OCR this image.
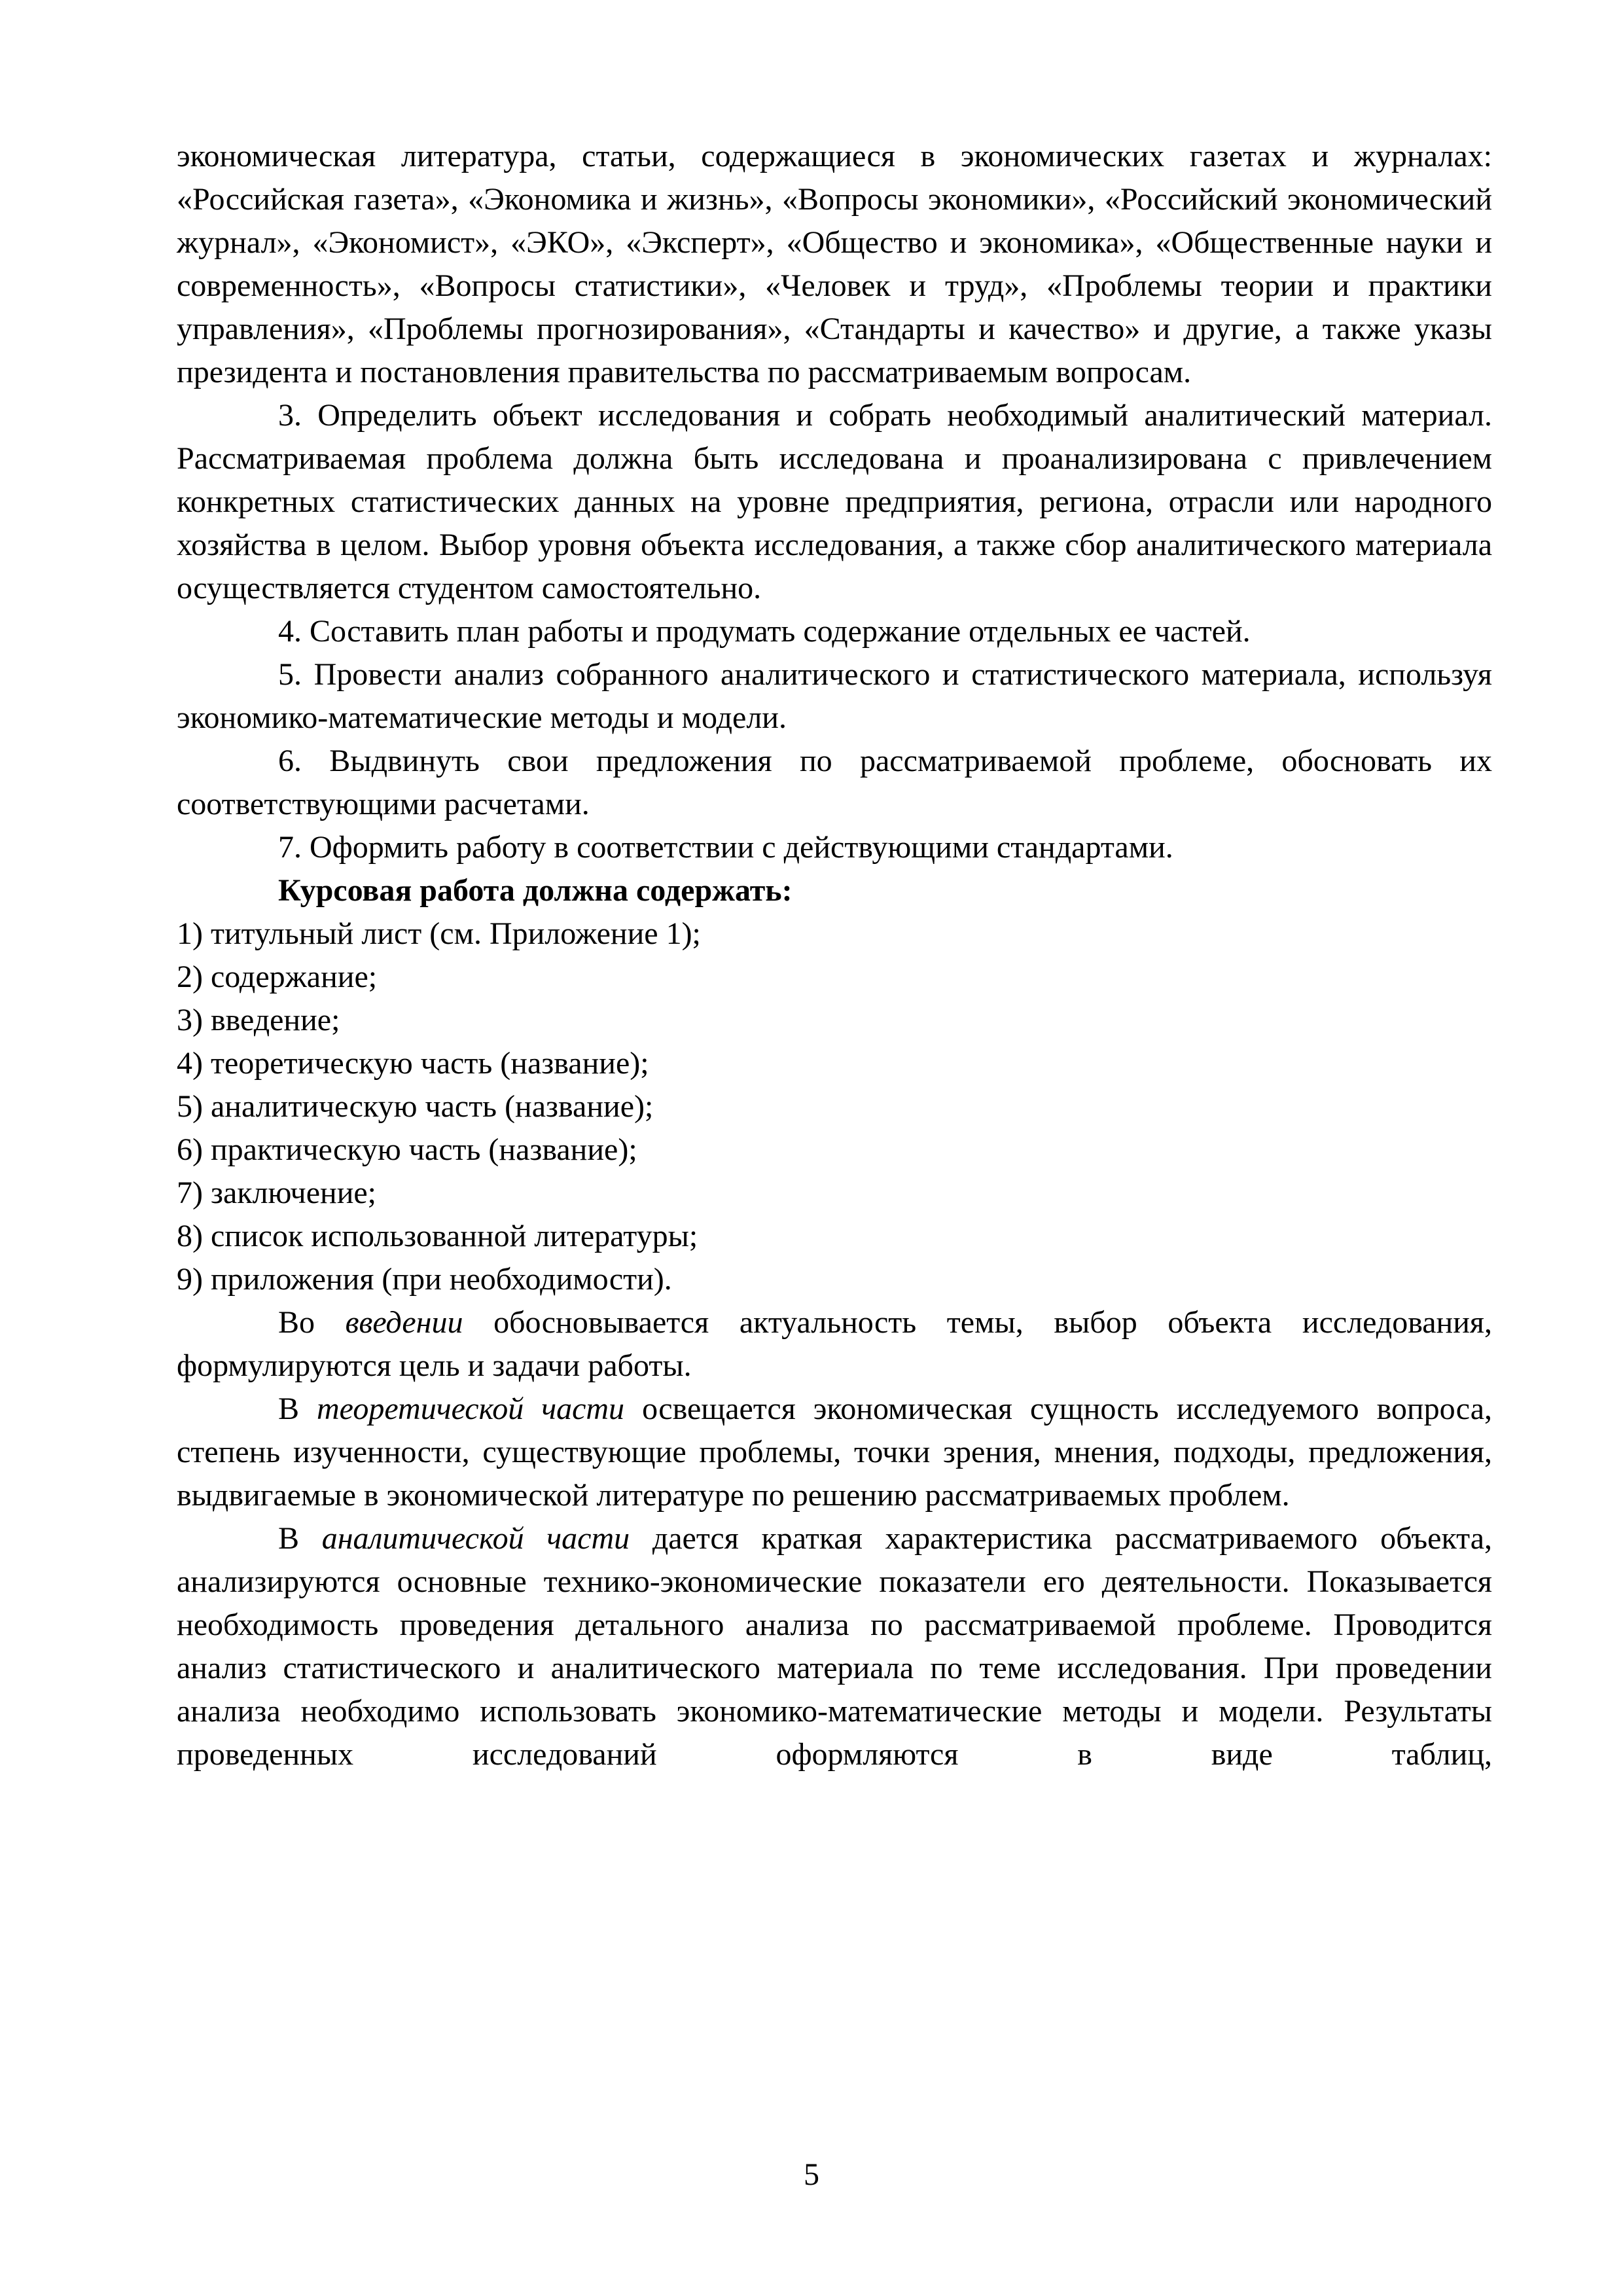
экономическая литература, статьи, содержащиеся в экономических газетах и журналах: «Российская газета», «Экономика и жизнь», «Вопросы экономики», «Российский экономический журнал», «Экономист», «ЭКО», «Эксперт», «Общество и экономика», «Общественные науки и современность», «Вопросы статистики», «Человек и труд», «Проблемы теории и практики управления», «Проблемы прогнозирования», «Стандарты и качество» и другие, а также указы президента и постановления правительства по рассматриваемым вопросам.

3. Определить объект исследования и собрать необходимый аналитический материал. Рассматриваемая проблема должна быть исследована и проанализирована с привлечением конкретных статистических данных на уровне предприятия, региона, отрасли или народного хозяйства в целом. Выбор уровня объекта исследования, а также сбор аналитического материала осуществляется студентом самостоятельно.

4. Составить план работы и продумать содержание отдельных ее частей.

5. Провести анализ собранного аналитического и статистического материала, используя экономико-математические методы и модели.

6. Выдвинуть свои предложения по рассматриваемой проблеме, обосновать их соответствующими расчетами.

7. Оформить работу в соответствии с действующими стандартами.

Курсовая работа должна содержать:

1) титульный лист (см. Приложение 1);

2) содержание;

3) введение;

4) теоретическую часть (название);

5) аналитическую часть (название);

6) практическую часть (название);

7) заключение;

8) список использованной литературы;

9) приложения (при необходимости).

Во введении обосновывается актуальность темы, выбор объекта исследования, формулируются цель и задачи работы.

В теоретической части освещается экономическая сущность исследуемого вопроса, степень изученности, существующие проблемы, точки зрения, мнения, подходы, предложения, выдвигаемые в экономической литературе по решению рассматриваемых проблем.

В аналитической части дается краткая характеристика рассматриваемого объекта, анализируются основные технико-экономические показатели его деятельности. Показывается необходимость проведения детального анализа по рассматриваемой проблеме. Проводится анализ статистического и аналитического материала по теме исследования. При проведении анализа необходимо использовать экономико-математические методы и модели. Результаты проведенных исследований оформляются в виде таблиц,

5
